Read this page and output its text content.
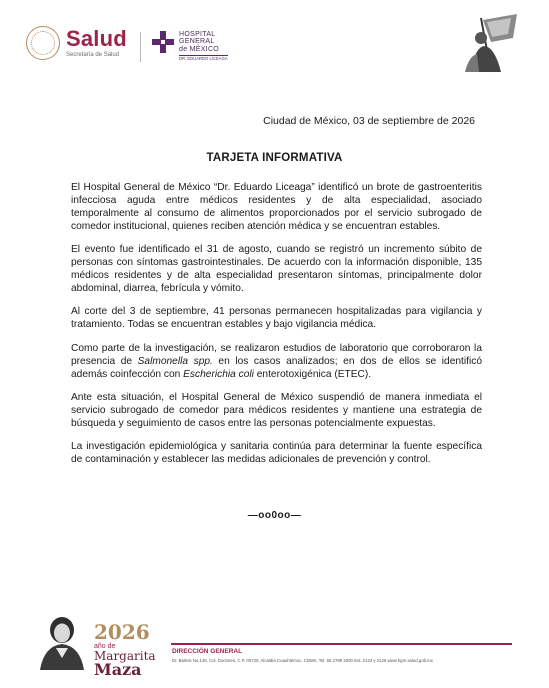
Salud
Secretaría de Salud
HOSPITAL
GENERAL
de MÉXICO
DR. EDUARDO LICEAGA
Ciudad de México, 03 de septiembre de 2026
TARJETA INFORMATIVA

El Hospital General de México “Dr. Eduardo Liceaga” identificó un brote de gastroenteritis infecciosa aguda entre médicos residentes y de alta especialidad, asociado temporalmente al consumo de alimentos proporcionados por el servicio subrogado de comedor institucional, quienes reciben atención médica y se encuentran estables.

El evento fue identificado el 31 de agosto, cuando se registró un incremento súbito de personas con síntomas gastrointestinales. De acuerdo con la información disponible, 135 médicos residentes y de alta especialidad presentaron síntomas, principalmente dolor abdominal, diarrea, febrícula y vómito.

Al corte del 3 de septiembre, 41 personas permanecen hospitalizadas para vigilancia y tratamiento. Todas se encuentran estables y bajo vigilancia médica.

Como parte de la investigación, se realizaron estudios de laboratorio que corroboraron la presencia de Salmonella spp. en los casos analizados; en dos de ellos se identificó además coinfección con Escherichia coli enterotoxigénica (ETEC).

Ante esta situación, el Hospital General de México suspendió de manera inmediata el servicio subrogado de comedor para médicos residentes y mantiene una estrategia de búsqueda y seguimiento de casos entre las personas potencialmente expuestas.

La investigación epidemiológica y sanitaria continúa para determinar la fuente específica de contaminación y establecer las medidas adicionales de prevención y control.

—oo0oo—
2026
año de
Margarita
Maza
DIRECCIÓN GENERAL
Dr. Balmis No.148, Col. Doctores, C.P. 06720, Alcaldía Cuauhtémoc, CDMX. Tel: 55 2789 2000 Ext. 2124 y 2126 www.hgm.salud.gob.mx
